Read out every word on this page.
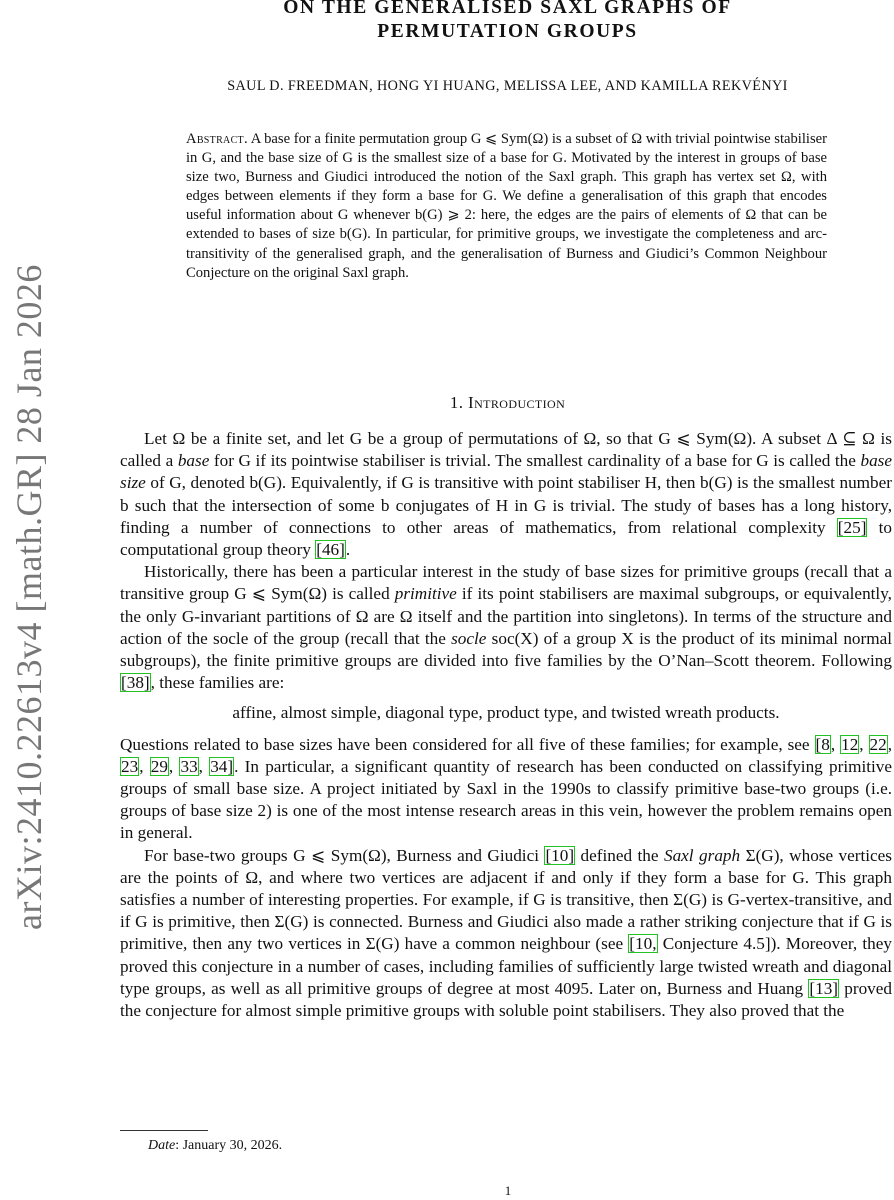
arXiv:2410.22613v4 [math.GR] 28 Jan 2026
ON THE GENERALISED SAXL GRAPHS OF
PERMUTATION GROUPS
SAUL D. FREEDMAN, HONG YI HUANG, MELISSA LEE, AND KAMILLA REKVÉNYI
Abstract. A base for a finite permutation group G ⩽ Sym(Ω) is a subset of Ω with trivial pointwise stabiliser in G, and the base size of G is the smallest size of a base for G. Motivated by the interest in groups of base size two, Burness and Giudici introduced the notion of the Saxl graph. This graph has vertex set Ω, with edges between elements if they form a base for G. We define a generalisation of this graph that encodes useful information about G whenever b(G) ⩾ 2: here, the edges are the pairs of elements of Ω that can be extended to bases of size b(G). In particular, for primitive groups, we investigate the completeness and arc-transitivity of the generalised graph, and the generalisation of Burness and Giudici’s Common Neighbour Conjecture on the original Saxl graph.
1. Introduction

Let Ω be a finite set, and let G be a group of permutations of Ω, so that G ⩽ Sym(Ω). A subset Δ ⊆ Ω is called a base for G if its pointwise stabiliser is trivial. The smallest cardinality of a base for G is called the base size of G, denoted b(G). Equivalently, if G is transitive with point stabiliser H, then b(G) is the smallest number b such that the intersection of some b conjugates of H in G is trivial. The study of bases has a long history, finding a number of connections to other areas of mathematics, from relational complexity [25] to computational group theory [46].

Historically, there has been a particular interest in the study of base sizes for primitive groups (recall that a transitive group G ⩽ Sym(Ω) is called primitive if its point stabilisers are maximal subgroups, or equivalently, the only G-invariant partitions of Ω are Ω itself and the partition into singletons). In terms of the structure and action of the socle of the group (recall that the socle soc(X) of a group X is the product of its minimal normal subgroups), the finite primitive groups are divided into five families by the O’Nan–Scott theorem. Following [38], these families are:

affine, almost simple, diagonal type, product type, and twisted wreath products.

Questions related to base sizes have been considered for all five of these families; for example, see [8, 12, 22, 23, 29, 33, 34]. In particular, a significant quantity of research has been conducted on classifying primitive groups of small base size. A project initiated by Saxl in the 1990s to classify primitive base-two groups (i.e. groups of base size 2) is one of the most intense research areas in this vein, however the problem remains open in general.

For base-two groups G ⩽ Sym(Ω), Burness and Giudici [10] defined the Saxl graph Σ(G), whose vertices are the points of Ω, and where two vertices are adjacent if and only if they form a base for G. This graph satisfies a number of interesting properties. For example, if G is transitive, then Σ(G) is G-vertex-transitive, and if G is primitive, then Σ(G) is connected. Burness and Giudici also made a rather striking conjecture that if G is primitive, then any two vertices in Σ(G) have a common neighbour (see [10, Conjecture 4.5]). Moreover, they proved this conjecture in a number of cases, including families of sufficiently large twisted wreath and diagonal type groups, as well as all primitive groups of degree at most 4095. Later on, Burness and Huang [13] proved the conjecture for almost simple primitive groups with soluble point stabilisers. They also proved that the

Date: January 30, 2026.
1
